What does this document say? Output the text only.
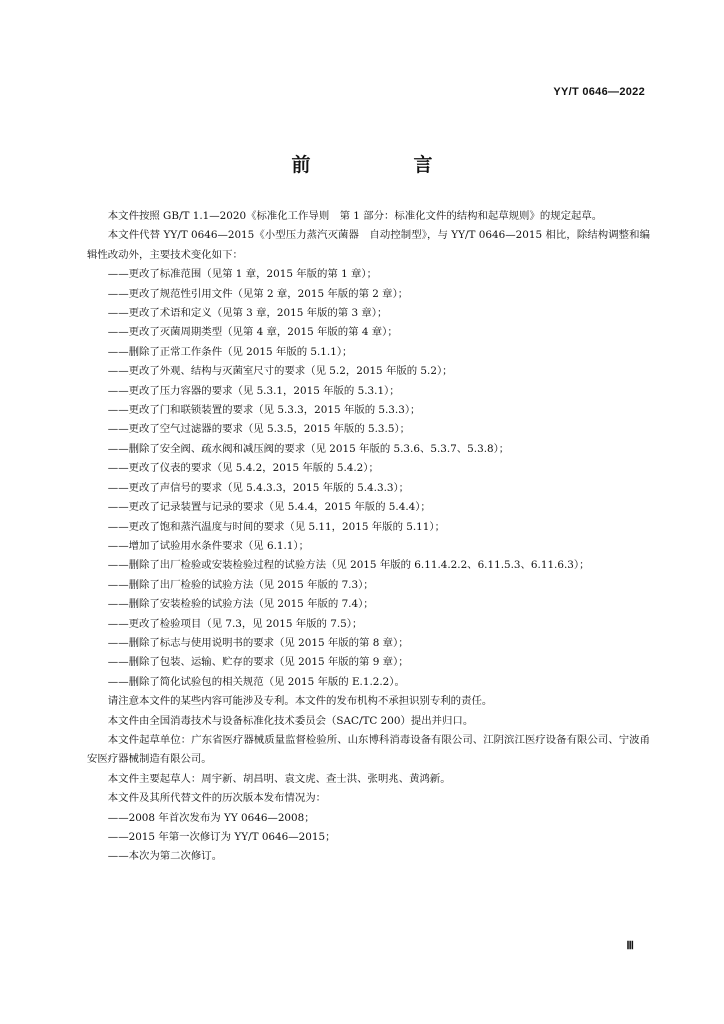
YY/T 0646—2022
前　言

本文件按照 GB/T 1.1—2020《标准化工作导则　第 1 部分：标准化文件的结构和起草规则》的规定起草。

本文件代替 YY/T 0646—2015《小型压力蒸汽灭菌器　自动控制型》，与 YY/T 0646—2015 相比，除结构调整和编辑性改动外，主要技术变化如下：

——更改了标准范围（见第 1 章，2015 年版的第 1 章）；

——更改了规范性引用文件（见第 2 章，2015 年版的第 2 章）；

——更改了术语和定义（见第 3 章，2015 年版的第 3 章）；

——更改了灭菌周期类型（见第 4 章，2015 年版的第 4 章）；

——删除了正常工作条件（见 2015 年版的 5.1.1）；

——更改了外观、结构与灭菌室尺寸的要求（见 5.2，2015 年版的 5.2）；

——更改了压力容器的要求（见 5.3.1，2015 年版的 5.3.1）；

——更改了门和联锁装置的要求（见 5.3.3，2015 年版的 5.3.3）；

——更改了空气过滤器的要求（见 5.3.5，2015 年版的 5.3.5）；

——删除了安全阀、疏水阀和减压阀的要求（见 2015 年版的 5.3.6、5.3.7、5.3.8）；

——更改了仪表的要求（见 5.4.2，2015 年版的 5.4.2）；

——更改了声信号的要求（见 5.4.3.3，2015 年版的 5.4.3.3）；

——更改了记录装置与记录的要求（见 5.4.4，2015 年版的 5.4.4）；

——更改了饱和蒸汽温度与时间的要求（见 5.11，2015 年版的 5.11）；

——增加了试验用水条件要求（见 6.1.1）；

——删除了出厂检验或安装检验过程的试验方法（见 2015 年版的 6.11.4.2.2、6.11.5.3、6.11.6.3）；

——删除了出厂检验的试验方法（见 2015 年版的 7.3）；

——删除了安装检验的试验方法（见 2015 年版的 7.4）；

——更改了检验项目（见 7.3，见 2015 年版的 7.5）；

——删除了标志与使用说明书的要求（见 2015 年版的第 8 章）；

——删除了包装、运输、贮存的要求（见 2015 年版的第 9 章）；

——删除了简化试验包的相关规范（见 2015 年版的 E.1.2.2）。

请注意本文件的某些内容可能涉及专利。本文件的发布机构不承担识别专利的责任。

本文件由全国消毒技术与设备标准化技术委员会（SAC/TC 200）提出并归口。

本文件起草单位：广东省医疗器械质量监督检验所、山东博科消毒设备有限公司、江阴滨江医疗设备有限公司、宁波甬安医疗器械制造有限公司。

本文件主要起草人：周宇新、胡昌明、袁文虎、查士洪、张明兆、黄鸿新。

本文件及其所代替文件的历次版本发布情况为：

——2008 年首次发布为 YY 0646—2008；

——2015 年第一次修订为 YY/T 0646—2015；

——本次为第二次修订。

Ⅲ
